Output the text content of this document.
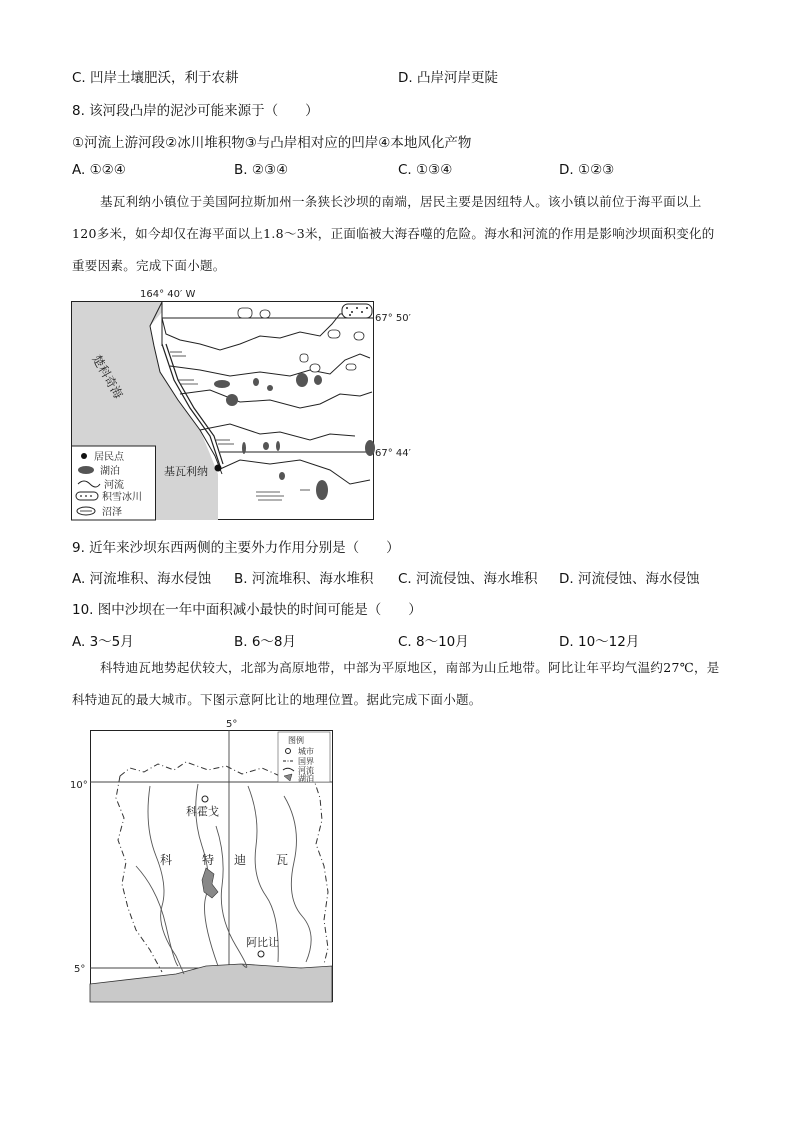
C. 凹岸土壤肥沃，利于农耕	D. 凸岸河岸更陡
8. 该河段凸岸的泥沙可能来源于（　　）
①河流上游河段②冰川堆积物③与凸岸相对应的凹岸④本地风化产物
A. ①②④	B. ②③④	C. ①③④	D. ①②③
基瓦利纳小镇位于美国阿拉斯加州一条狭长沙坝的南端，居民主要是因纽特人。该小镇以前位于海平面以上120多米，如今却仅在海平面以上1.8～3米，正面临被大海吞噬的危险。海水和河流的作用是影响沙坝面积变化的重要因素。完成下面小题。
164° 40′ W
67° 50′
67° 44′
楚科奇海
基瓦利纳
居民点
湖泊
河流
积雪冰川
沼泽
9. 近年来沙坝东西两侧的主要外力作用分别是（　　）
A. 河流堆积、海水侵蚀 B. 河流堆积、海水堆积 C. 河流侵蚀、海水堆积 D. 河流侵蚀、海水侵蚀
10. 图中沙坝在一年中面积减小最快的时间可能是（　　）
A. 3～5月	B. 6～8月	C. 8～10月	D. 10～12月
科特迪瓦地势起伏较大，北部为高原地带，中部为平原地区，南部为山丘地带。阿比让年平均气温约27℃，是科特迪瓦的最大城市。下图示意阿比让的地理位置。据此完成下面小题。
5°
10°
5°
科霍戈
阿比让
科 特 迪 瓦
图例
城市
国界
河流
湖泊
